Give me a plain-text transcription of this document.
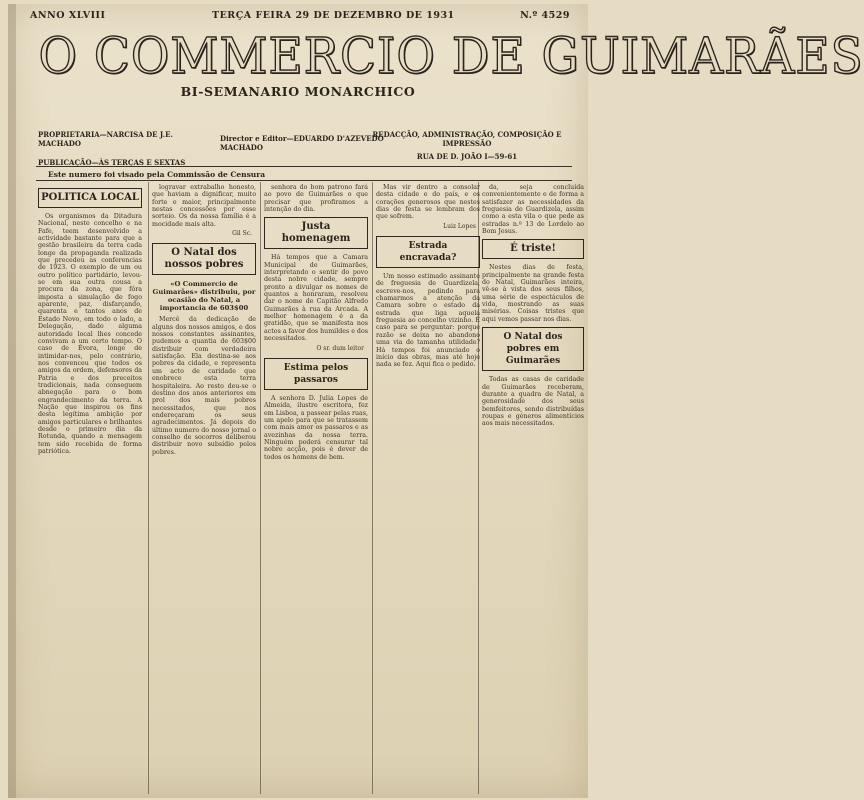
ANNO XLVIII	TERÇA FEIRA 29 DE DEZEMBRO DE 1931	N.º 4529
O COMMERCIO DE GUIMARÃES
BI-SEMANARIO MONARCHICO
PROPRIETARIA—NARCISA DE J.E. MACHADO
PUBLICAÇÃO—ÀS TERÇAS E SEXTAS
Director e Editor—EDUARDO D'AZEVEDO MACHADO
REDACÇÃO, ADMINISTRAÇÃO, COMPOSIÇÃO E IMPRESSÃO
RUA DE D. JOÃO I—59-61
Este numero foi visado pela Commissão de Censura
POLITICA LOCAL

Os organismos da Ditadura Nacional, neste concelho e na Fafe, teem desenvolvido a actividade bastante para que a gestão brasileira da terra cada longe da propaganda realizada que precedeu as conferencias de 1923. O exemplo de um ou outro político partidário, levou-se em sua outra cousa a procura da zona, que fôra imposta a simulação de fogo aparente, paz, disfarçando, quarenta e tantos anos de Estado Novo, em todo o lado, a Delegação, dado alguma autoridade local lhes concede convivam a um certo tempo. O caso de Évora, longe de intimidar-nos, pelo contrário, nos convenceu que todos os amigos da ordem, defensores da Patria e dos preceitos tradicionais, nada conseguem abnegação para o bom engrandecimento da terra. A Nação que inspirou os fins desta legítima ambição por amigos particulares e brilhantes desde o primeiro dia da Rotunda, quando a mensagem tem sido recebida de forma patriótica.

logravar extrabalho honesto, que haviam a dignificar, muito forte e maior, principalmente nestas concessões por esse sorteio. Os da nossa família é a mocidade mais alta.

Gil Sc.
O Natal dos nossos pobres
«O Commercio de Guimarães» distribuiu, por ocasião do Natal, a importancia de 603$00

Mercê da dedicação de alguns dos nossos amigos, e dos nossos constantes assinantes, pudemos a quantia de 603$00 distribuir com verdadeira satisfação. Ela destina-se aos pobres da cidade, e representa um acto de caridade que enobrece esta terra hospitaleira. Ao resto deu-se o destino dos anos anteriores em prol dos mais pobres necessitados, que nos endereçaram os seus agradecimentos. Já depois do último numero do nosso jornal o conselho de socorros deliberou distribuir novo subsídio pelos pobres.

senhora do bom patrono fará ao povo de Guimarães o que precisar que profiramos a intenção do dia.

Justa homenagem

Há tempos que a Camara Municipal de Guimarães, interpretando o sentir do povo desta nobre cidade, sempre pronto a divulgar os nomes de quantos a honraram, resolveu dar o nome de Capitão Alfredo Guimarães à rua da Arcada. A melhor homenagem é a da gratidão, que se manifesta nos actos a favor dos humildes e dos necessitados.

O sr. dum leitor
Estima pelos passaros

A senhora D. Julia Lopes de Almeida, ilustre escritora, fez em Lisboa, a passear pelas ruas, um apelo para que se tratassem com mais amor os passaros e as avezinhas da nossa terra. Ninguém poderá censurar tal nobre acção, pois é dever de todos os homens de bem.

Mas vir dentro a consolar desta cidade e do país, e os corações generosos que nestes dias de festa se lembram dos que sofrem.

Luiz Lopes
Estrada encravada?

Um nosso estimado assinante de freguesia de Guardizela, escreve-nos, pedindo para chamarmos a atenção da Camara sobre o estado da estrada que liga aquela freguesia ao concelho vizinho. É caso para se perguntar: porque razão se deixa no abandono uma via de tamanha utilidade? Há tempos foi anunciado o início das obras, mas até hoje nada se fez. Aqui fica o pedido.

da, seja concluída convenientemente e de forma a satisfazer as necessidades da freguesia de Guardizela, assim como a esta vila o que pede as estradas n.º 13 de Lordelo ao Bom Jesus.

É triste!

Nestes dias de festa, principalmente na grande festa do Natal, Guimarães inteira, vê-se à vista dos seus filhos, uma série de espectáculos de vida, mostrando as suas misérias. Coisas tristes que aqui vemos passar nos dias.

O Natal dos pobres em Guimarães

Todas as casas de caridade de Guimarães receberam, durante a quadra de Natal, a generosidade dos seus bemfeitores, sendo distribuídas roupas e géneros alimentícios aos mais necessitados.
